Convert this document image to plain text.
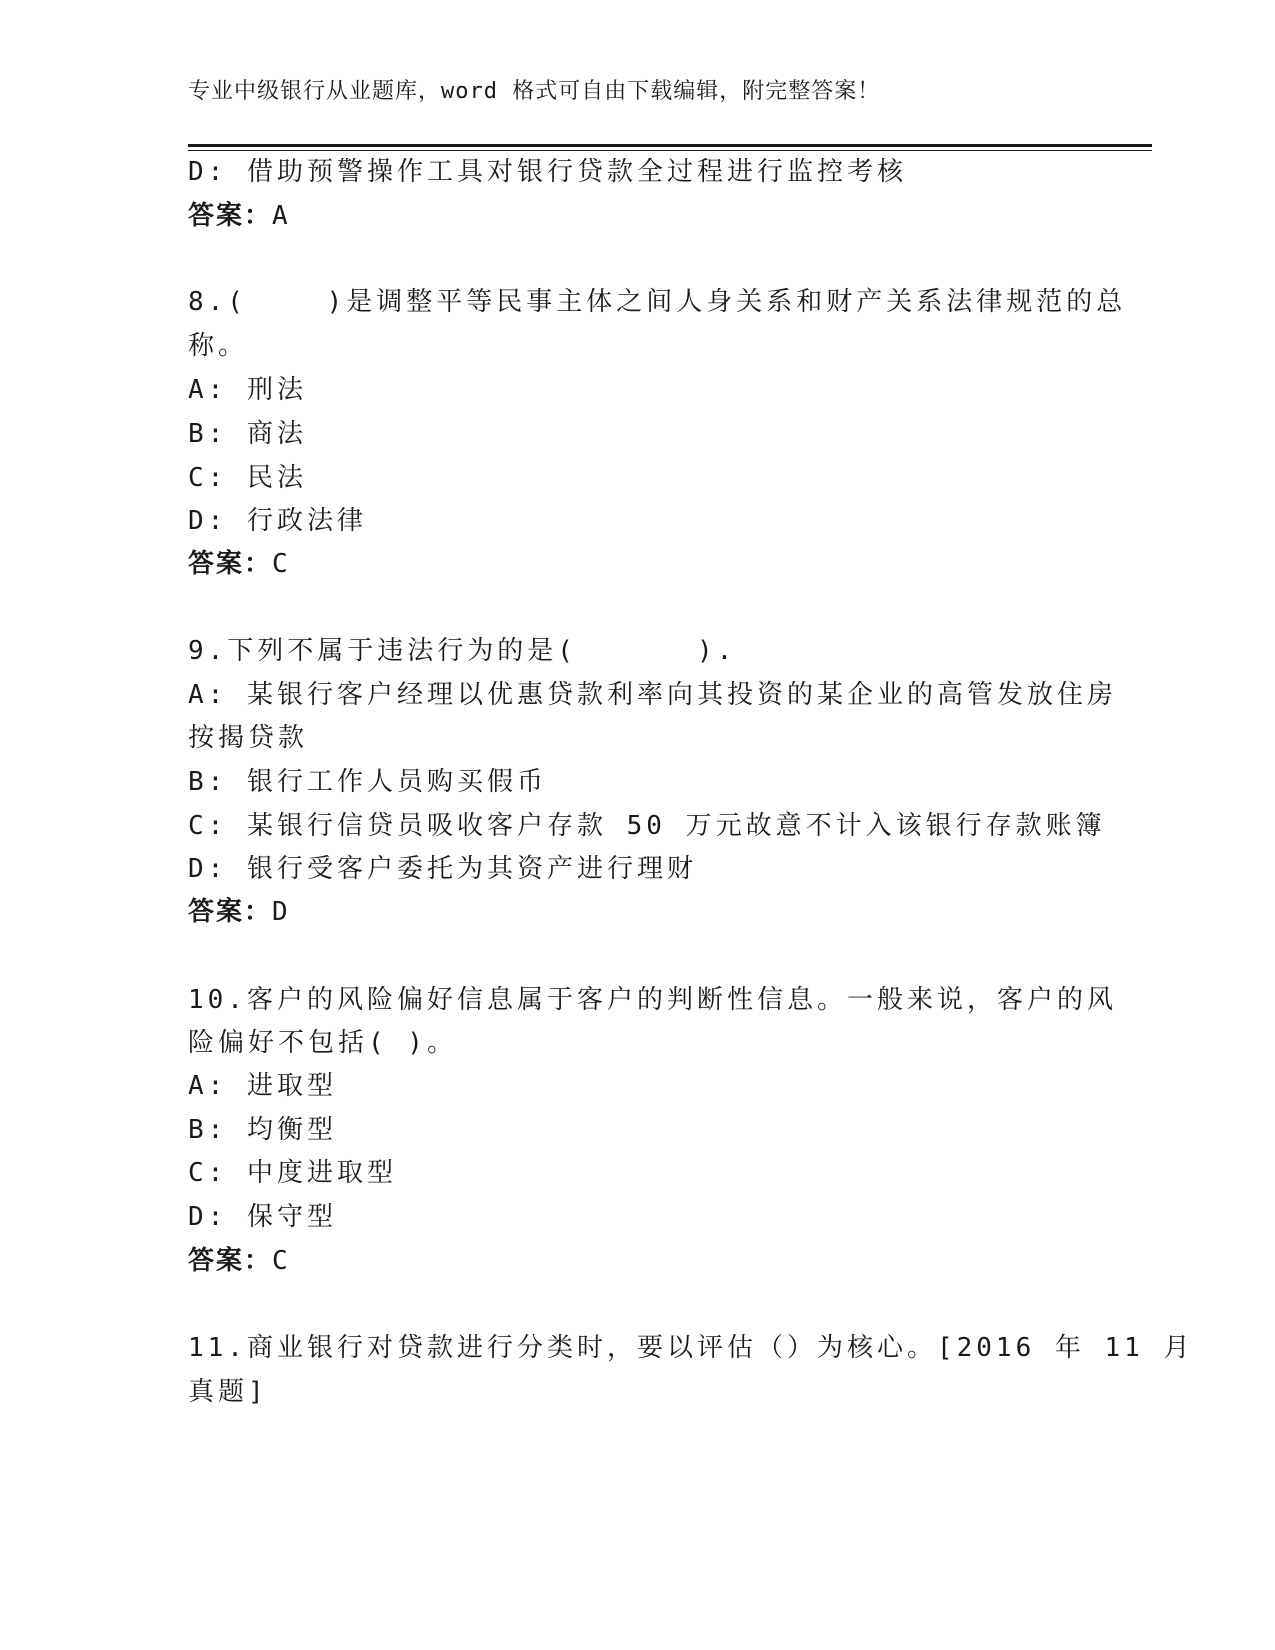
专业中级银行从业题库，word 格式可自由下载编辑，附完整答案！
D: 借助预警操作工具对银行贷款全过程进行监控考核
答案：A
8.(　　 )是调整平等民事主体之间人身关系和财产关系法律规范的总
称。
A: 刑法
B: 商法
C: 民法
D: 行政法律
答案：C
9.下列不属于违法行为的是(　　　　).
A: 某银行客户经理以优惠贷款利率向其投资的某企业的高管发放住房
按揭贷款
B: 银行工作人员购买假币
C: 某银行信贷员吸收客户存款 50 万元故意不计入该银行存款账簿
D: 银行受客户委托为其资产进行理财
答案：D
10.客户的风险偏好信息属于客户的判断性信息。一般来说，客户的风
险偏好不包括( )。
A: 进取型
B: 均衡型
C: 中度进取型
D: 保守型
答案：C
11.商业银行对贷款进行分类时，要以评估（）为核心。[2016 年 11 月
真题]
